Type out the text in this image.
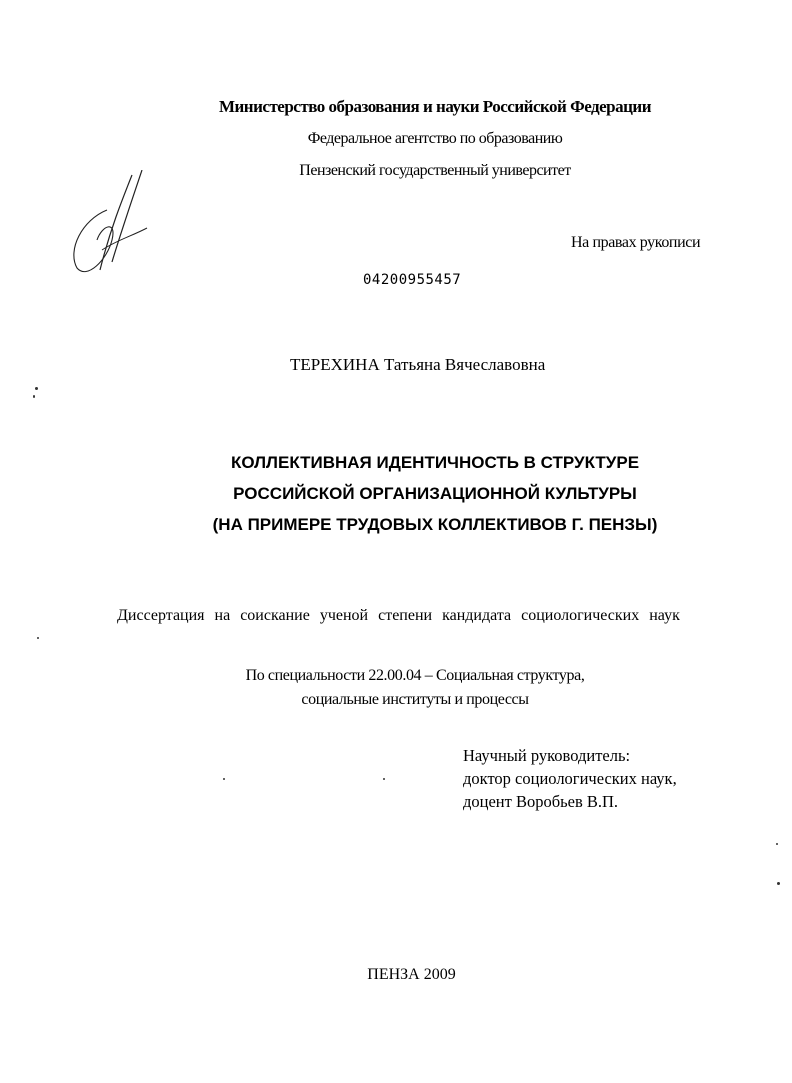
Министерство образования и науки Российской Федерации
Федеральное агентство по образованию
Пензенский государственный университет
На правах рукописи
04200955457
ТЕРЕХИНА Татьяна Вячеславовна
КОЛЛЕКТИВНАЯ ИДЕНТИЧНОСТЬ В СТРУКТУРЕ
РОССИЙСКОЙ ОРГАНИЗАЦИОННОЙ КУЛЬТУРЫ
(НА ПРИМЕРЕ ТРУДОВЫХ КОЛЛЕКТИВОВ Г. ПЕНЗЫ)
Диссертация на соискание ученой степени кандидата социологических наук
По специальности 22.00.04 – Социальная структура,
социальные институты и процессы
Научный руководитель:
доктор социологических наук,
доцент Воробьев В.П.
ПЕНЗА 2009
